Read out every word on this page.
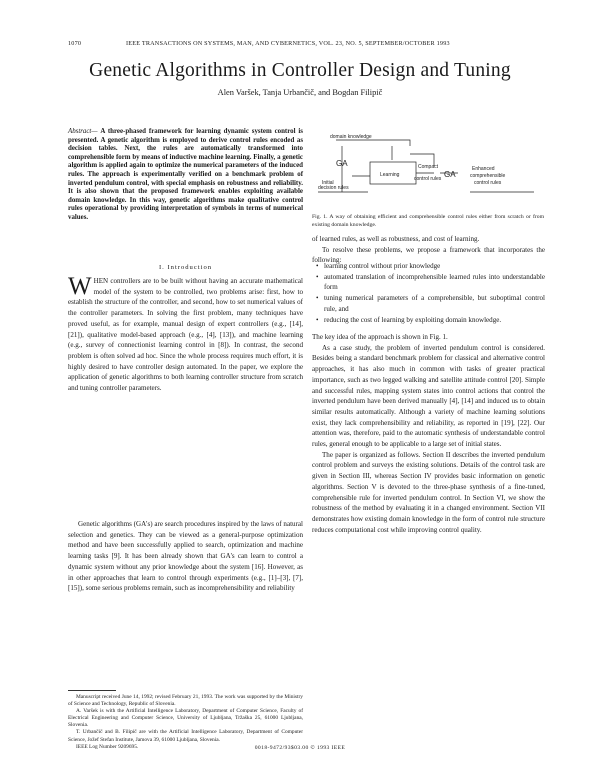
1070	IEEE TRANSACTIONS ON SYSTEMS, MAN, AND CYBERNETICS, VOL. 23, NO. 5, SEPTEMBER/OCTOBER 1993
Genetic Algorithms in Controller Design and Tuning
Alen Varšek, Tanja Urbančič, and Bogdan Filipič

Abstract— A three-phased framework for learning dynamic system control is presented. A genetic algorithm is employed to derive control rules encoded as decision tables. Next, the rules are automatically transformed into comprehensible form by means of inductive machine learning. Finally, a genetic algorithm is applied again to optimize the numerical parameters of the induced rules. The approach is experimentally verified on a benchmark problem of inverted pendulum control, with special emphasis on robustness and reliability. It is also shown that the proposed framework enables exploiting available domain knowledge. In this way, genetic algorithms make qualitative control rules operational by providing interpretation of symbols in terms of numerical values.

I. Introduction

WHEN controllers are to be built without having an accurate mathematical model of the system to be controlled, two problems arise: first, how to establish the structure of the controller, and second, how to set numerical values of the controller parameters. In solving the first problem, many techniques have proved useful, as for example, manual design of expert controllers (e.g., [14], [21]), qualitative model-based approach (e.g., [4], [13]), and machine learning (e.g., survey of connectionist learning control in [8]). In contrast, the second problem is often solved ad hoc. Since the whole process requires much effort, it is highly desired to have controller design automated. In the paper, we explore the application of genetic algorithms to both learning controller structure from scratch and tuning controller parameters.

Genetic algorithms (GA's) are search procedures inspired by the laws of natural selection and genetics. They can be viewed as a general-purpose optimization method and have been successfully applied to search, optimization and machine learning tasks [9]. It has been already shown that GA's can learn to control a dynamic system without any prior knowledge about the system [16]. However, as in other approaches that learn to control through experiments (e.g., [1]–[3], [7], [15]), some serious problems remain, such as incomprehensibility and reliability

Manuscript received June 14, 1992; revised February 21, 1993. The work was supported by the Ministry of Science and Technology, Republic of Slovenia.

A. Varšek is with the Artificial Intelligence Laboratory, Department of Computer Science, Faculty of Electrical Engineering and Computer Science, University of Ljubljana, Tržaška 25, 61000 Ljubljana, Slovenia.

T. Urbančič and B. Filipič are with the Artificial Intelligence Laboratory, Department of Computer Science, Jožef Stefan Institute, Jamova 39, 61000 Ljubljana, Slovenia.

IEEE Log Number 9209695.

domain knowledge
GA
Learning
Initial
decision rules
Compact
control rules GA
Enhanced
comprehensible
control rules
Fig. 1. A way of obtaining efficient and comprehensible control rules either from scratch or from existing domain knowledge.

of learned rules, as well as robustness, and cost of learning.

To resolve these problems, we propose a framework that incorporates the following:

• learning control without prior knowledge
• automated translation of incomprehensible learned rules into understandable form
• tuning numerical parameters of a comprehensible, but suboptimal control rule, and
• reducing the cost of learning by exploiting domain knowledge.

The key idea of the approach is shown in Fig. 1.

As a case study, the problem of inverted pendulum control is considered. Besides being a standard benchmark problem for classical and alternative control approaches, it has also much in common with tasks of greater practical importance, such as two legged walking and satellite attitude control [20]. Simple and successful rules, mapping system states into control actions that control the inverted pendulum have been derived manually [4], [14] and induced us to obtain similar results automatically. Although a variety of machine learning solutions exist, they lack comprehensibility and reliability, as reported in [19], [22]. Our attention was, therefore, paid to the automatic synthesis of understandable control rules, general enough to be applicable to a large set of initial states.

The paper is organized as follows. Section II describes the inverted pendulum control problem and surveys the existing solutions. Details of the control task are given in Section III, whereas Section IV provides basic information on genetic algorithms. Section V is devoted to the three-phase synthesis of a fine-tuned, comprehensible rule for inverted pendulum control. In Section VI, we show the robustness of the method by evaluating it in a changed environment. Section VII demonstrates how existing domain knowledge in the form of control rule structure reduces computational cost while improving control quality.

0018-9472/93$03.00 © 1993 IEEE
